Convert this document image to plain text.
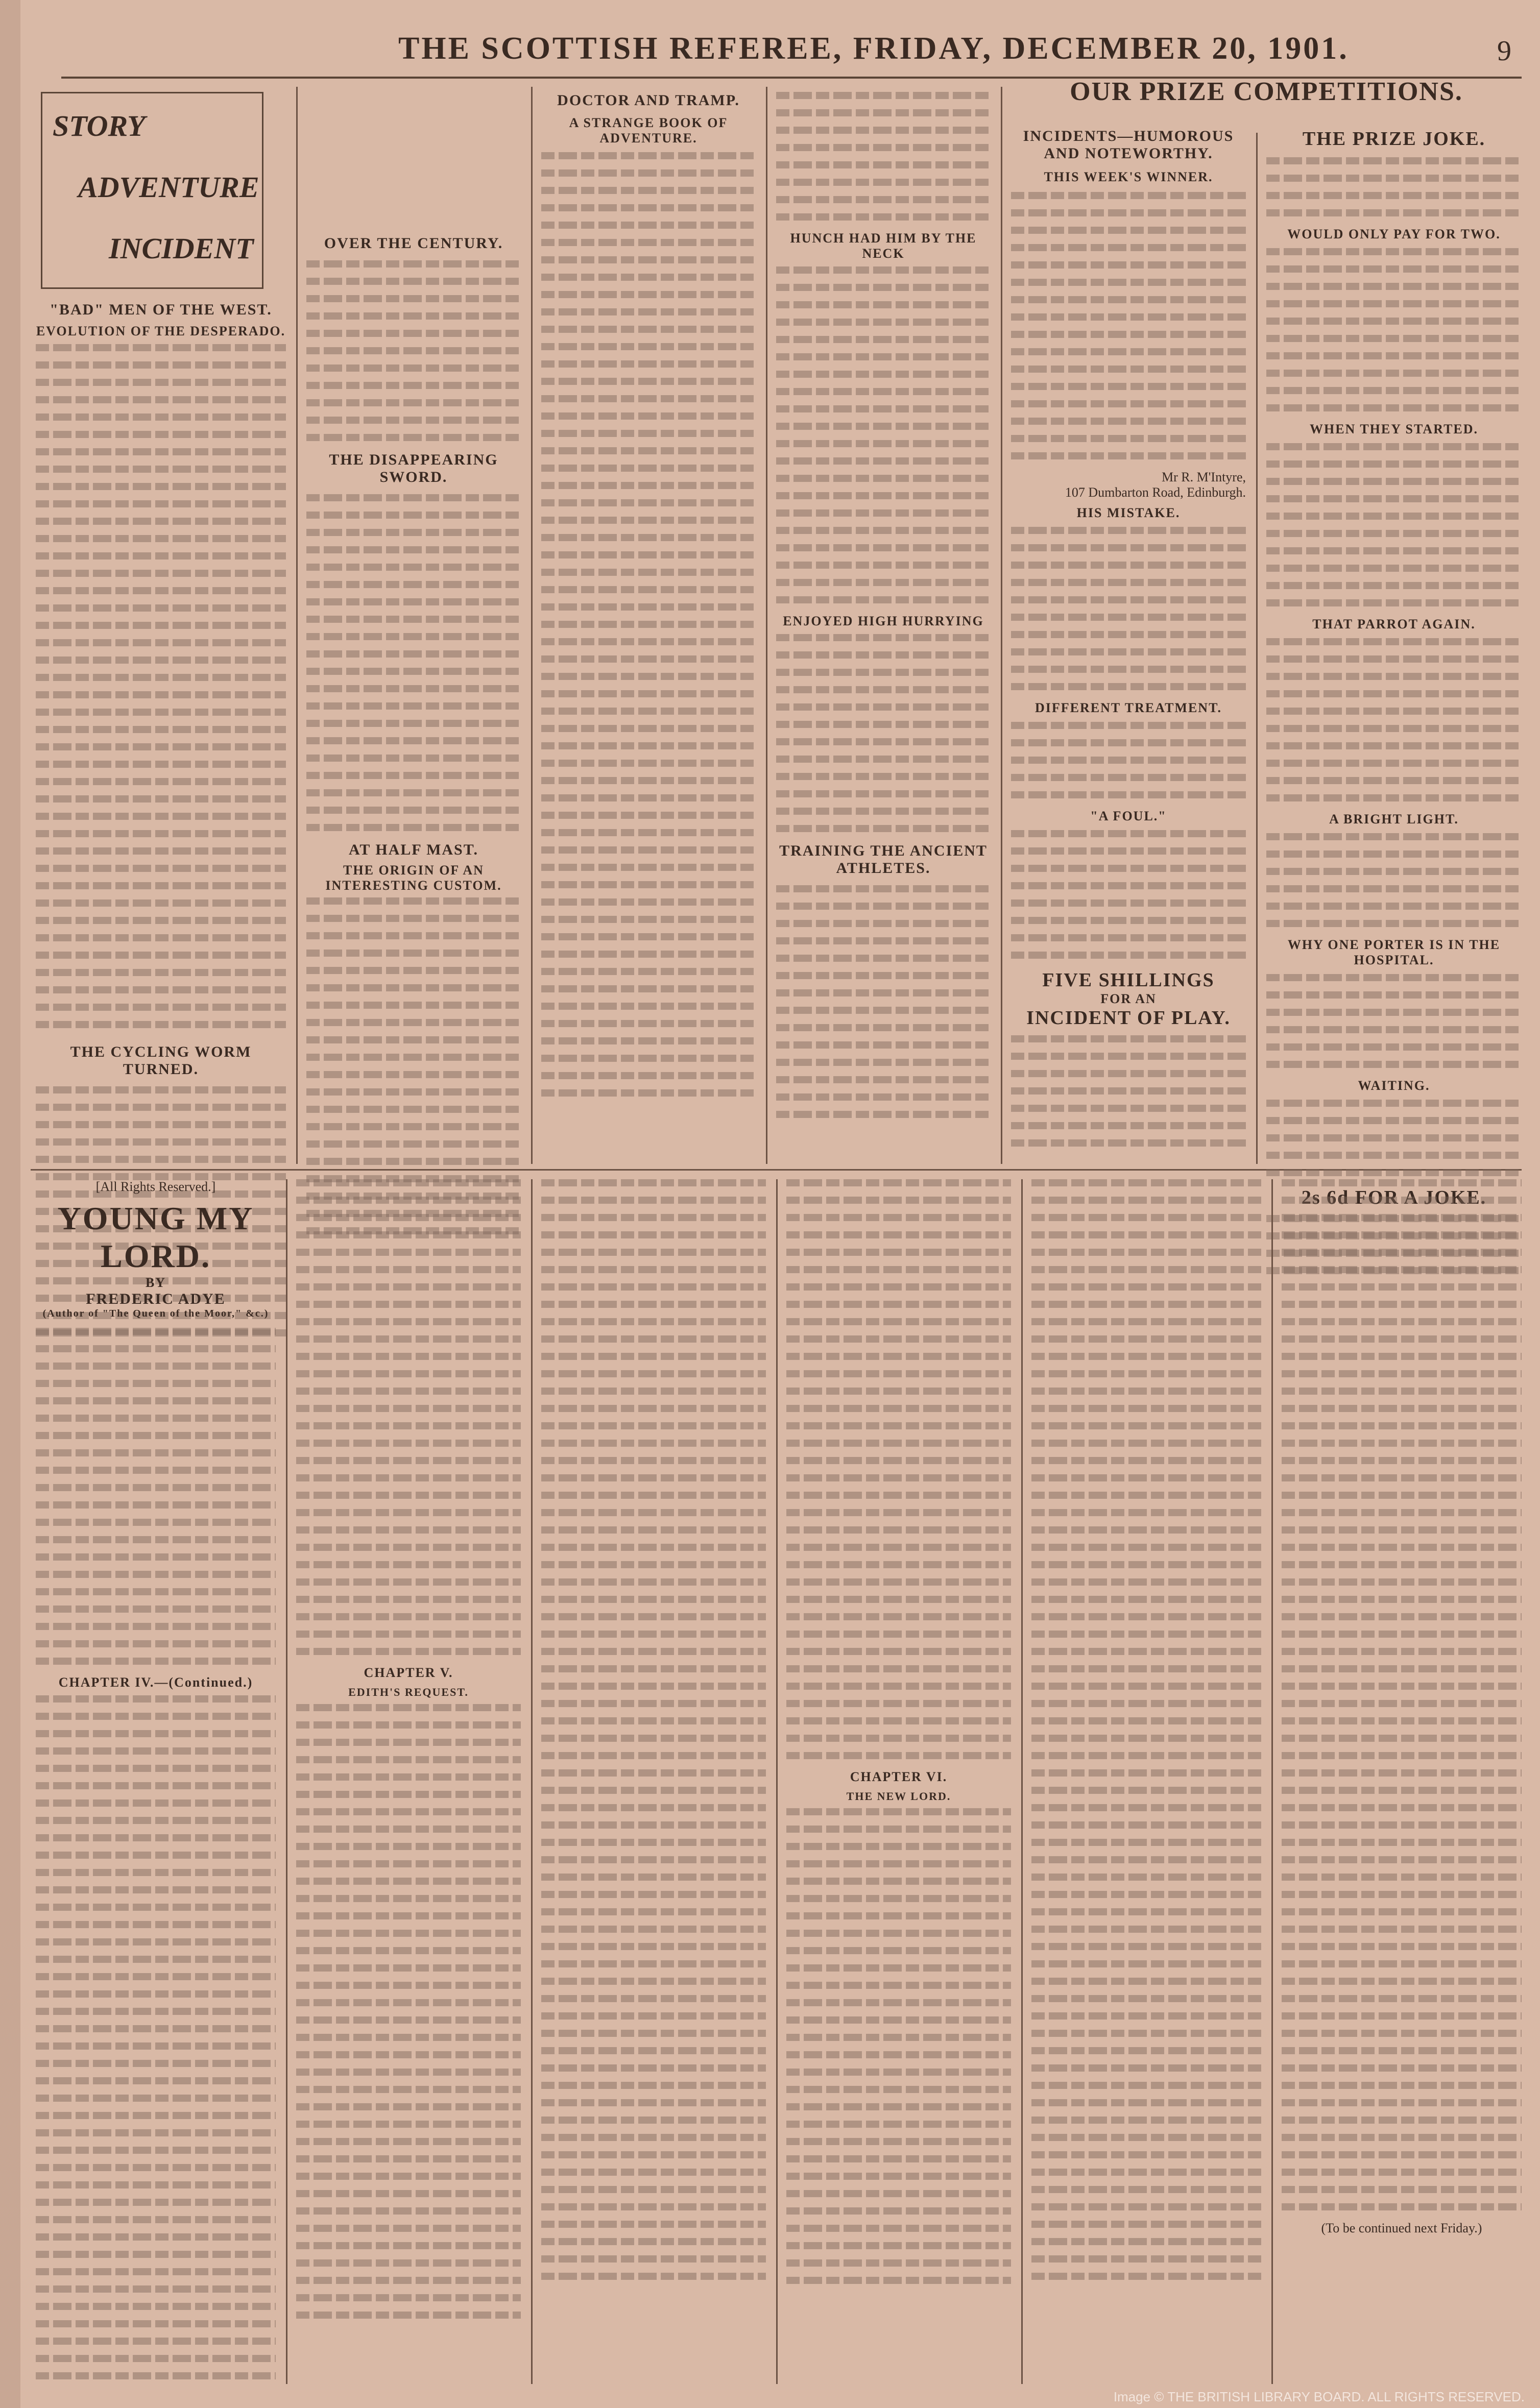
THE SCOTTISH REFEREE, FRIDAY, DECEMBER 20, 1901.	9
STORY
ADVENTURE
INCIDENT
"BAD" MEN OF THE WEST.
EVOLUTION OF THE DESPERADO.
THE CYCLING WORM TURNED.
OVER THE CENTURY.
THE DISAPPEARING SWORD.
AT HALF MAST.
THE ORIGIN OF AN INTERESTING CUSTOM.
DOCTOR AND TRAMP.
A STRANGE BOOK OF ADVENTURE.
HUNCH HAD HIM BY THE NECK
ENJOYED HIGH HURRYING
TRAINING THE ANCIENT ATHLETES.
OUR PRIZE COMPETITIONS.
INCIDENTS—HUMOROUS AND NOTEWORTHY.
THIS WEEK'S WINNER.
Mr R. M'Intyre,
107 Dumbarton Road, Edinburgh.
HIS MISTAKE.
DIFFERENT TREATMENT.
"A FOUL."
FIVE SHILLINGS
FOR AN
INCIDENT OF PLAY.
THE PRIZE JOKE.
WOULD ONLY PAY FOR TWO.
WHEN THEY STARTED.
THAT PARROT AGAIN.
A BRIGHT LIGHT.
WHY ONE PORTER IS IN THE HOSPITAL.
WAITING.
2s 6d FOR A JOKE.
[All Rights Reserved.]
YOUNG MY LORD.
BY
FREDERIC ADYE
(Author of "The Queen of the Moor," &c.)
CHAPTER IV.—(Continued.)
CHAPTER V.
EDITH'S REQUEST.
CHAPTER VI.
THE NEW LORD.
(To be continued next Friday.)
Image © THE BRITISH LIBRARY BOARD. ALL RIGHTS RESERVED.
